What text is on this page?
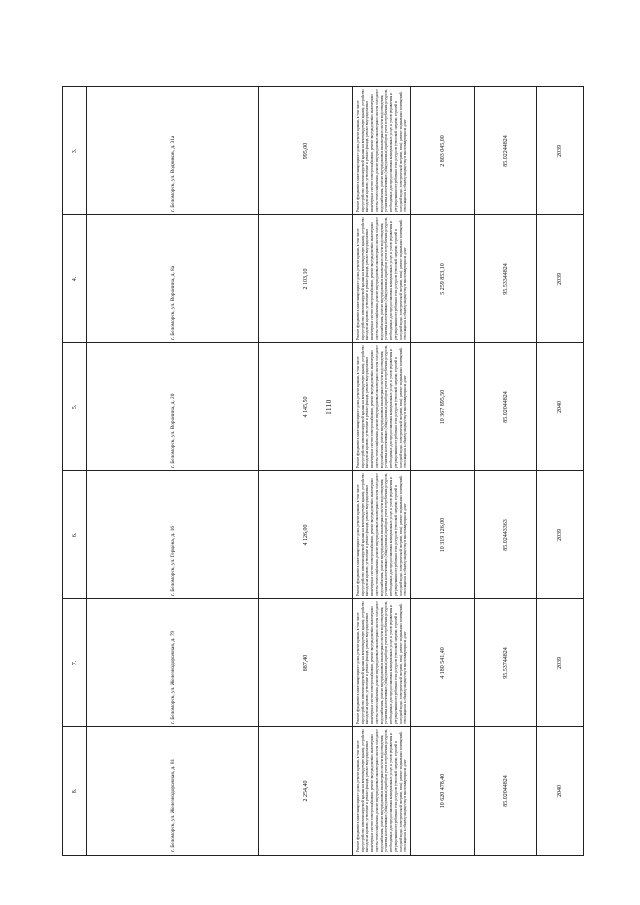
1110
3.	г. Беломорск, ул. Водников, д. 31а	995,00	Ремонт фундамента многоквартирного дома, ремонт крыши, в том числе переустройство невентилируемой крыши на вентилируемую крышу, устройство выходов на кровлю, утепление и ремонт фасада, ремонт внутридомовых инженерных систем электроснабжения, ремонт внутридомовых инженерных систем теплоснабжения, ремонт внутридомовых инженерных систем холодного водоснабжения, ремонт внутридомовых инженерных систем водоотведения, установка коллективных (общедомовых) приборов учета потребления ресурсов, необходимых для предоставления коммунальных услуг, и узлов управления и регулирования потребления этих ресурсов (тепловой энергии, горячей и холодной воды, электрической энергии, газа), ремонт подвальных помещений, относящихся к общему имуществу в многоквартирном доме	2 803 045,00	85.02244824	2039
4.	г. Беломорск, ул. Воронина, д. 8а	2 103,10	Ремонт фундамента многоквартирного дома, ремонт крыши, в том числе переустройство невентилируемой крыши на вентилируемую крышу, устройство выходов на кровлю, утепление и ремонт фасада, ремонт внутридомовых инженерных систем электроснабжения, ремонт внутридомовых инженерных систем теплоснабжения, ремонт внутридомовых инженерных систем холодного водоснабжения, ремонт внутридомовых инженерных систем водоотведения, установка коллективных (общедомовых) приборов учета потребления ресурсов, необходимых для предоставления коммунальных услуг, и узлов управления и регулирования потребления этих ресурсов (тепловой энергии, горячей и холодной воды, электрической энергии, газа), ремонт подвальных помещений, относящихся к общему имуществу в многоквартирном доме	5 259 853,10	95.53344824	2039
5.	г. Беломорск, ул. Воронина, д. 20	4 145,50	Ремонт фундамента многоквартирного дома, ремонт крыши, в том числе переустройство невентилируемой крыши на вентилируемую крышу, устройство выходов на кровлю, утепление и ремонт фасада, ремонт внутридомовых инженерных систем электроснабжения, ремонт внутридомовых инженерных систем теплоснабжения, ремонт внутридомовых инженерных систем холодного водоснабжения, ремонт внутридомовых инженерных систем водоотведения, установка коллективных (общедомовых) приборов учета потребления ресурсов, необходимых для предоставления коммунальных услуг, и узлов управления и регулирования потребления этих ресурсов (тепловой энергии, горячей и холодной воды, электрической энергии, газа), ремонт подвальных помещений, относящихся к общему имуществу в многоквартирном доме	10 367 895,50	85.02044824	2040
6.	г. Беломорск, ул. Герцена, д. 16	4 126,00	Ремонт фундамента многоквартирного дома, ремонт крыши, в том числе переустройство невентилируемой крыши на вентилируемую крышу, устройство выходов на кровлю, утепление и ремонт фасада, ремонт внутридомовых инженерных систем электроснабжения, ремонт внутридомовых инженерных систем теплоснабжения, ремонт внутридомовых инженерных систем холодного водоснабжения, ремонт внутридомовых инженерных систем водоотведения, установка коллективных (общедомовых) приборов учета потребления ресурсов, необходимых для предоставления коммунальных услуг, и узлов управления и регулирования потребления этих ресурсов (тепловой энергии, горячей и холодной воды, электрической энергии, газа), ремонт подвальных помещений, относящихся к общему имуществу в многоквартирном доме	10 319 126,00	85.02443363	2039
7.	г. Беломорск, ул. Железнодорожная, д. 79	887,40	Ремонт фундамента многоквартирного дома, ремонт крыши, в том числе переустройство невентилируемой крыши на вентилируемую крышу, устройство выходов на кровлю, утепление и ремонт фасада, ремонт внутридомовых инженерных систем электроснабжения, ремонт внутридомовых инженерных систем теплоснабжения, ремонт внутридомовых инженерных систем холодного водоснабжения, ремонт внутридомовых инженерных систем водоотведения, установка коллективных (общедомовых) приборов учета потребления ресурсов, необходимых для предоставления коммунальных услуг, и узлов управления и регулирования потребления этих ресурсов (тепловой энергии, горячей и холодной воды, электрической энергии, газа), ремонт подвальных помещений, относящихся к общему имуществу в многоквартирном доме	4 180 541,40	95.53744824	2039
8.	г. Беломорск, ул. Железнодорожная, д. 81	2 254,40	Ремонт фундамента многоквартирного дома, ремонт крыши, в том числе переустройство невентилируемой крыши на вентилируемую крышу, устройство выходов на кровлю, утепление и ремонт фасада, ремонт внутридомовых инженерных систем электроснабжения, ремонт внутридомовых инженерных систем теплоснабжения, ремонт внутридомовых инженерных систем холодного водоснабжения, ремонт внутридомовых инженерных систем водоотведения, установка коллективных (общедомовых) приборов учета потребления ресурсов, необходимых для предоставления коммунальных услуг, и узлов управления и регулирования потребления этих ресурсов (тепловой энергии, горячей и холодной воды, электрической энергии, газа), ремонт подвальных помещений, относящихся к общему имуществу в многоквартирном доме	10 620 478,40	85.02044824	2040
